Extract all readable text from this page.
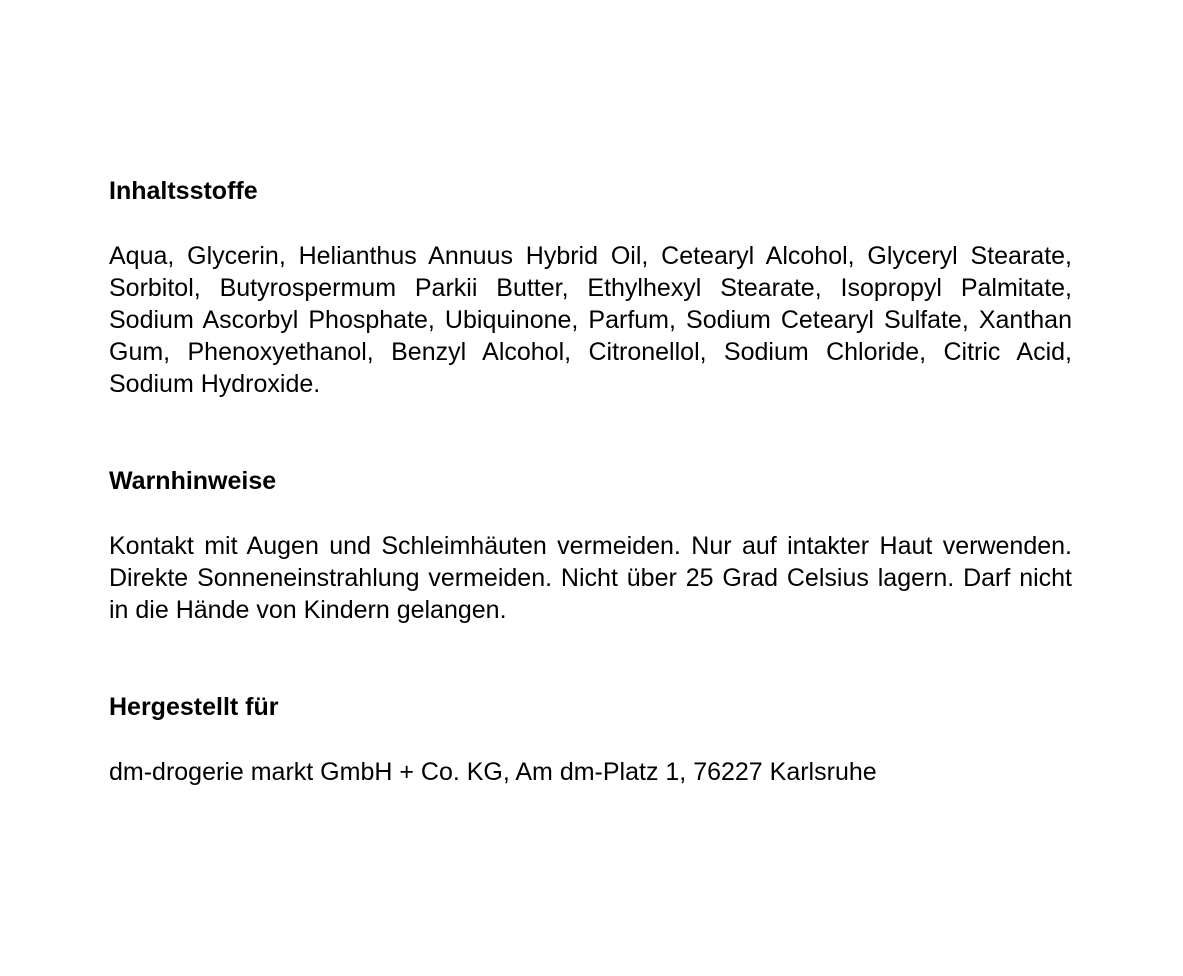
Inhaltsstoffe

Aqua, Glycerin, Helianthus Annuus Hybrid Oil, Cetearyl Alcohol, Glyceryl Stearate, Sorbitol, Butyrospermum Parkii Butter, Ethylhexyl Stearate, Isopropyl Palmitate, Sodium Ascorbyl Phosphate, Ubiquinone, Parfum, Sodium Cetearyl Sulfate, Xanthan Gum, Phenoxyethanol, Benzyl Alcohol, Citronellol, Sodium Chloride, Citric Acid, Sodium Hydroxide.

Warnhinweise

Kontakt mit Augen und Schleimhäuten vermeiden. Nur auf intakter Haut verwenden. Direkte Sonneneinstrahlung vermeiden. Nicht über 25 Grad Celsius lagern. Darf nicht in die Hände von Kindern gelangen.

Hergestellt für

dm-drogerie markt GmbH + Co. KG, Am dm-Platz 1, 76227 Karlsruhe
